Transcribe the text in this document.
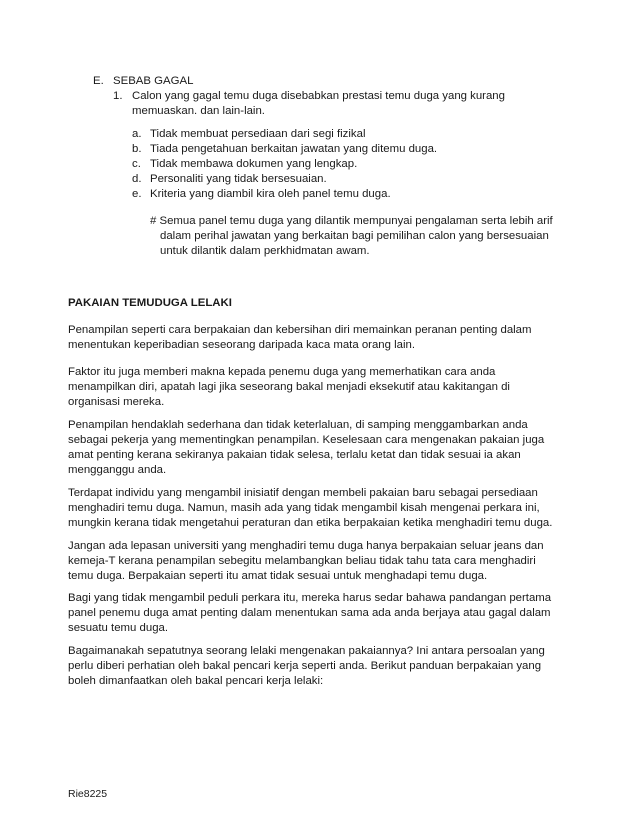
E. SEBAB GAGAL
1. Calon yang gagal temu duga disebabkan prestasi temu duga yang kurang
memuaskan. dan lain-lain.
a. Tidak membuat persediaan dari segi fizikal
b. Tiada pengetahuan berkaitan jawatan yang ditemu duga.
c. Tidak membawa dokumen yang lengkap.
d. Personaliti yang tidak bersesuaian.
e. Kriteria yang diambil kira oleh panel temu duga.
# Semua panel temu duga yang dilantik mempunyai pengalaman serta lebih arif
dalam perihal jawatan yang berkaitan bagi pemilihan calon yang bersesuaian
untuk dilantik dalam perkhidmatan awam.
PAKAIAN TEMUDUGA LELAKI
Penampilan seperti cara berpakaian dan kebersihan diri memainkan peranan penting dalam
menentukan keperibadian seseorang daripada kaca mata orang lain.
Faktor itu juga memberi makna kepada penemu duga yang memerhatikan cara anda
menampilkan diri, apatah lagi jika seseorang bakal menjadi eksekutif atau kakitangan di
organisasi mereka.
Penampilan hendaklah sederhana dan tidak keterlaluan, di samping menggambarkan anda
sebagai pekerja yang mementingkan penampilan. Keselesaan cara mengenakan pakaian juga
amat penting kerana sekiranya pakaian tidak selesa, terlalu ketat dan tidak sesuai ia akan
mengganggu anda.
Terdapat individu yang mengambil inisiatif dengan membeli pakaian baru sebagai persediaan
menghadiri temu duga. Namun, masih ada yang tidak mengambil kisah mengenai perkara ini,
mungkin kerana tidak mengetahui peraturan dan etika berpakaian ketika menghadiri temu duga.
Jangan ada lepasan universiti yang menghadiri temu duga hanya berpakaian seluar jeans dan
kemeja-T kerana penampilan sebegitu melambangkan beliau tidak tahu tata cara menghadiri
temu duga. Berpakaian seperti itu amat tidak sesuai untuk menghadapi temu duga.
Bagi yang tidak mengambil peduli perkara itu, mereka harus sedar bahawa pandangan pertama
panel penemu duga amat penting dalam menentukan sama ada anda berjaya atau gagal dalam
sesuatu temu duga.
Bagaimanakah sepatutnya seorang lelaki mengenakan pakaiannya? Ini antara persoalan yang
perlu diberi perhatian oleh bakal pencari kerja seperti anda. Berikut panduan berpakaian yang
boleh dimanfaatkan oleh bakal pencari kerja lelaki:
Rie8225
